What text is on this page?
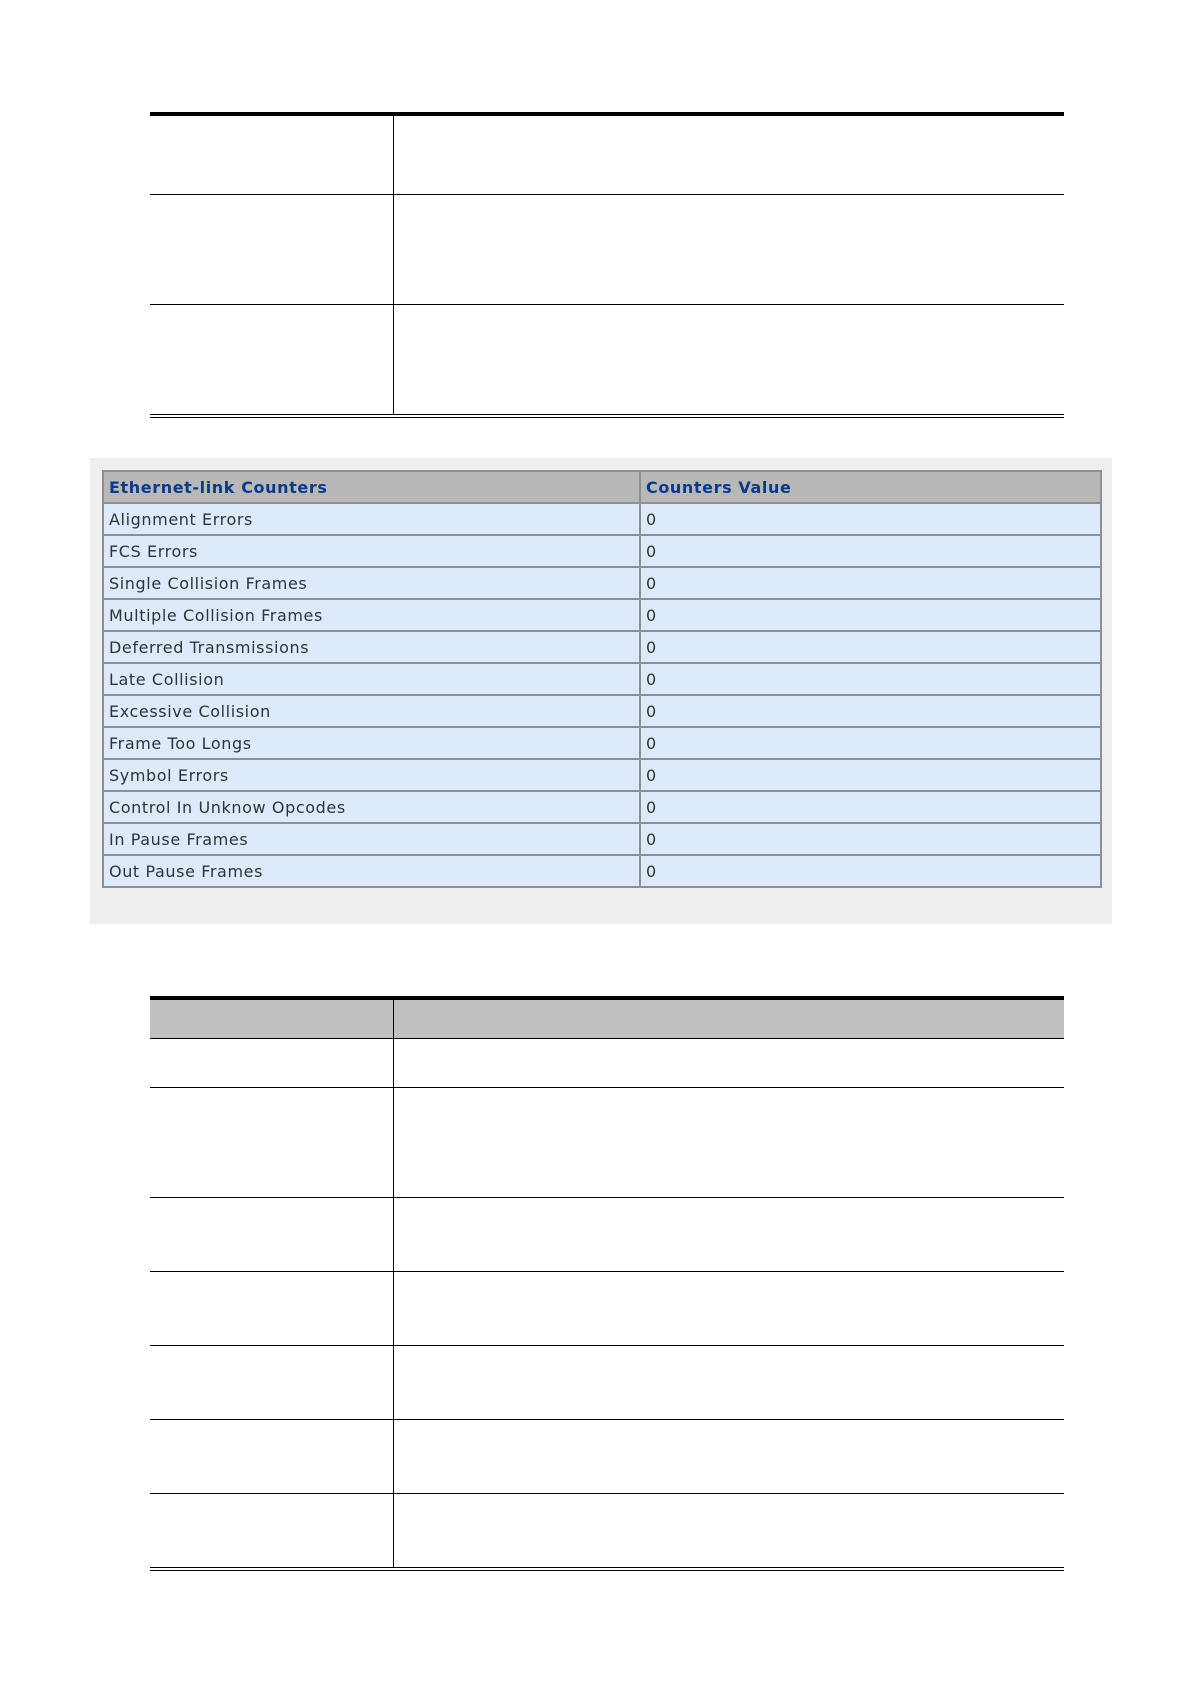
Ethernet-link Counters	Counters Value
Alignment Errors	0
FCS Errors	0
Single Collision Frames	0
Multiple Collision Frames	0
Deferred Transmissions	0
Late Collision	0
Excessive Collision	0
Frame Too Longs	0
Symbol Errors	0
Control In Unknow Opcodes	0
In Pause Frames	0
Out Pause Frames	0
